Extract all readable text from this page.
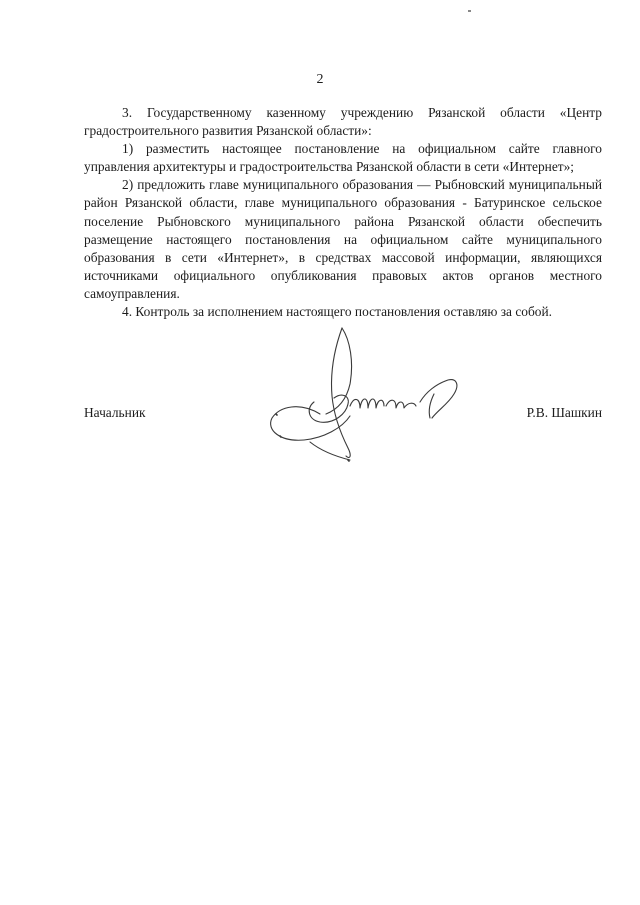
2

3. Государственному казенному учреждению Рязанской области «Центр градостроительного развития Рязанской области»:

1) разместить настоящее постановление на официальном сайте главного управления архитектуры и градостроительства Рязанской области в сети «Интернет»;

2) предложить главе муниципального образования — Рыбновский муниципальный район Рязанской области, главе муниципального образования - Батуринское сельское поселение Рыбновского муниципального района Рязанской области обеспечить размещение настоящего постановления на официальном сайте муниципального образования в сети «Интернет», в средствах массовой информации, являющихся источниками официального опубликования правовых актов органов местного самоуправления.

4. Контроль за исполнением настоящего постановления оставляю за собой.

Начальник	Р.В. Шашкин
